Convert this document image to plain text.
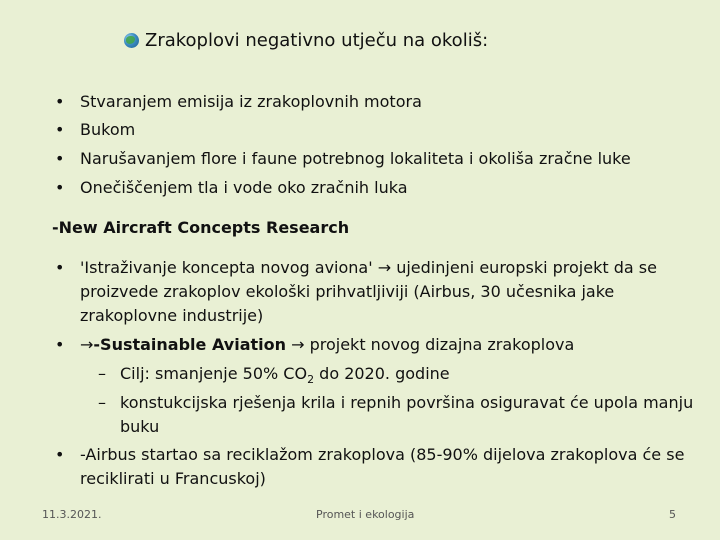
Zrakoplovi negativno utječu na okoliš:
• Stvaranjem emisija iz zrakoplovnih motora
• Bukom
• Narušavanjem flore i faune potrebnog lokaliteta i okoliša zračne luke
• Onečiščenjem tla i vode oko zračnih luka
-New Aircraft Concepts Research
• 'Istraživanje koncepta novog aviona' → ujedinjeni europski projekt da se proizvede zrakoplov ekološki prihvatljiviji (Airbus, 30 učesnika jake zrakoplovne industrije)
• →-Sustainable Aviation → projekt novog dizajna zrakoplova
– Cilj: smanjenje 50% $CO_2$ do 2020. godine
– konstukcijska rješenja krila i repnih površina osiguravat će upola manju buku
• -Airbus startao sa reciklažom zrakoplova (85-90% dijelova zrakoplova će se reciklirati u Francuskoj)
11.3.2021.	Promet i ekologija	5
